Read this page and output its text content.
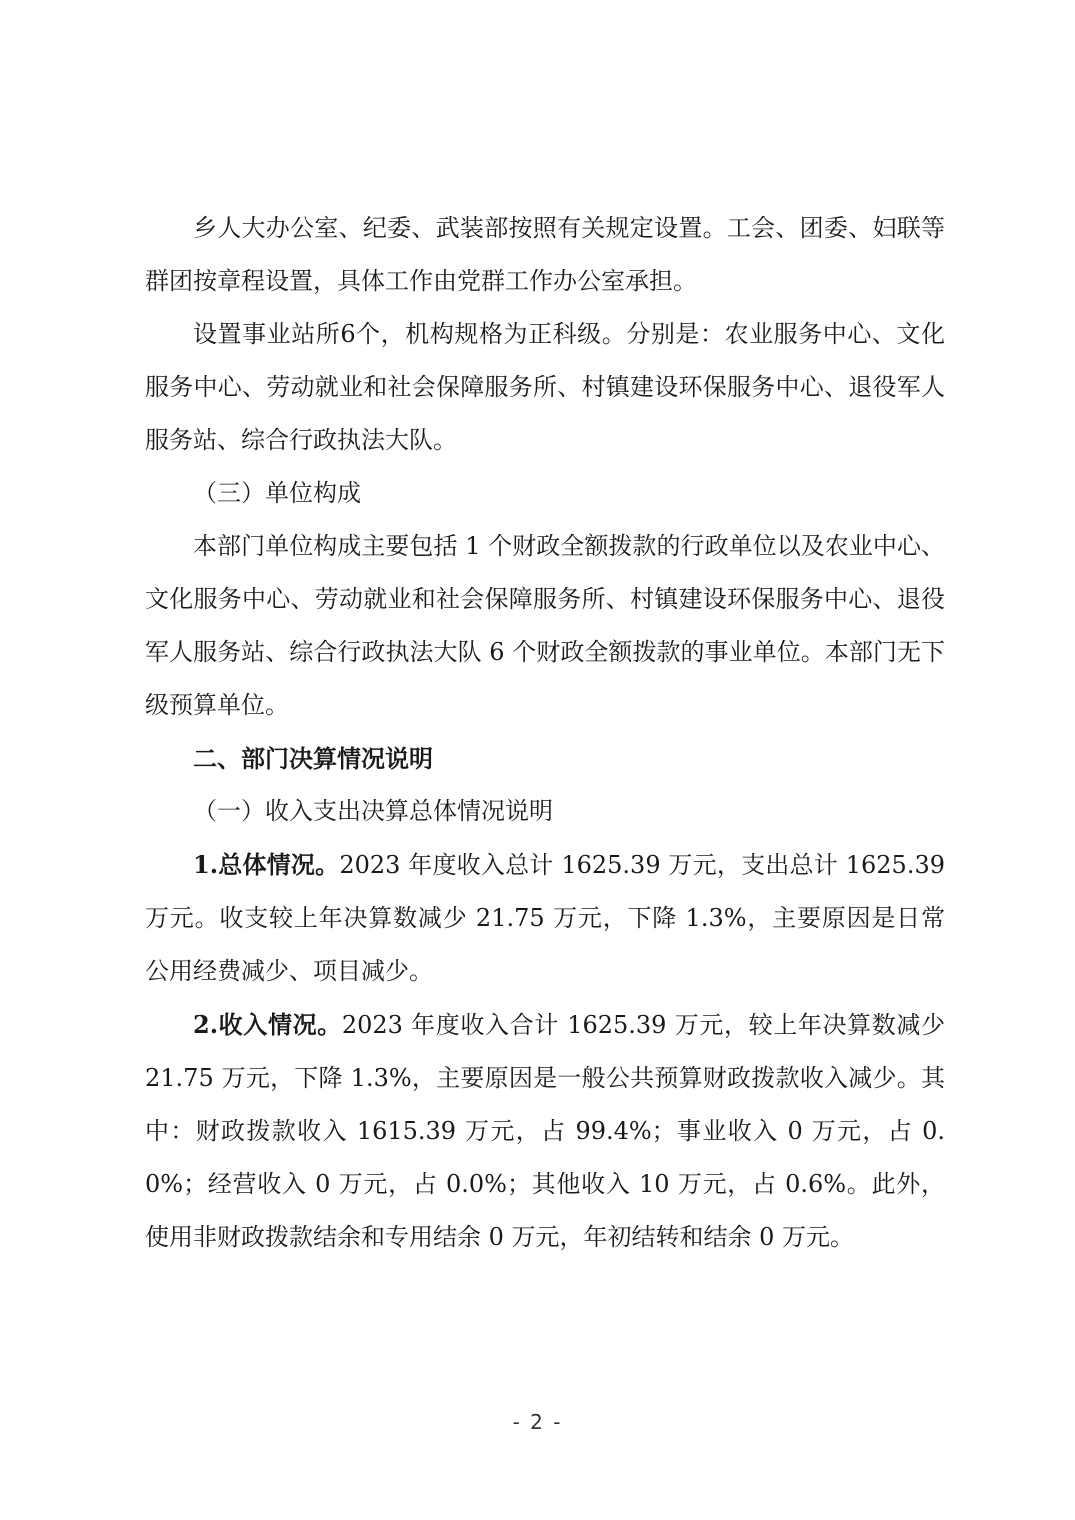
乡人大办公室、纪委、武装部按照有关规定设置。工会、团委、妇联等群团按章程设置，具体工作由党群工作办公室承担。

设置事业站所6个，机构规格为正科级。分别是：农业服务中心、文化服务中心、劳动就业和社会保障服务所、村镇建设环保服务中心、退役军人服务站、综合行政执法大队。

（三）单位构成

本部门单位构成主要包括 1 个财政全额拨款的行政单位以及农业中心、文化服务中心、劳动就业和社会保障服务所、村镇建设环保服务中心、退役军人服务站、综合行政执法大队 6 个财政全额拨款的事业单位。本部门无下级预算单位。

二、部门决算情况说明

（一）收入支出决算总体情况说明

1.总体情况。2023 年度收入总计 1625.39 万元，支出总计 1625.39 万元。收支较上年决算数减少 21.75 万元，下降 1.3%，主要原因是日常公用经费减少、项目减少。

2.收入情况。2023 年度收入合计 1625.39 万元，较上年决算数减少 21.75 万元，下降 1.3%，主要原因是一般公共预算财政拨款收入减少。其中：财政拨款收入 1615.39 万元，占 99.4%；事业收入 0 万元，占 0.0%；经营收入 0 万元，占 0.0%；其他收入 10 万元，占 0.6%。此外，使用非财政拨款结余和专用结余 0 万元，年初结转和结余 0 万元。

- 2 -
